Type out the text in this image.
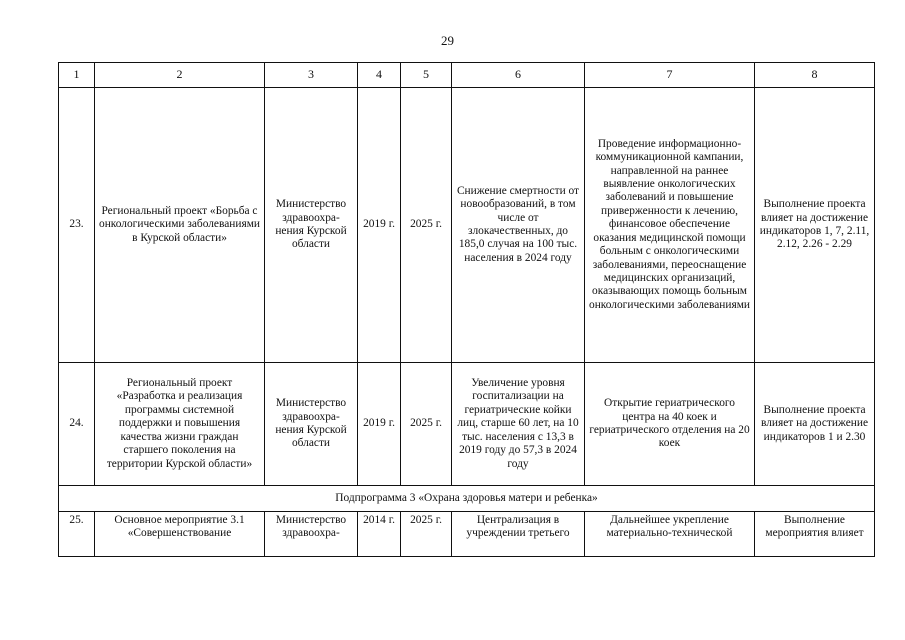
29
1	2	3	4	5	6	7	8
23.	Региональный проект «Борьба с онкологическими заболеваниями в Курской области»	Министерство здравоохра-нения Курской области	2019 г.	2025 г.	Снижение смертности от новообразований, в том числе от злокачественных, до 185,0 случая на 100 тыс. населения в 2024 году	Проведение информационно-коммуникационной кампании, направленной на раннее выявление онкологических заболеваний и повышение приверженности к лечению, финансовое обеспечение оказания медицинской помощи больным с онкологическими заболеваниями, переоснащение медицинских организаций, оказывающих помощь больным онкологическими заболеваниями	Выполнение проекта влияет на достижение индикаторов 1, 7, 2.11, 2.12, 2.26 - 2.29
24.	Региональный проект «Разработка и реализация программы системной поддержки и повышения качества жизни граждан старшего поколения на территории Курской области»	Министерство здравоохра-нения Курской области	2019 г.	2025 г.	Увеличение уровня госпитализации на гериатрические койки лиц, старше 60 лет, на 10 тыс. населения с 13,3 в 2019 году до 57,3 в 2024 году	Открытие гериатрического центра на 40 коек и гериатрического отделения на 20 коек	Выполнение проекта влияет на достижение индикаторов 1 и 2.30
Подпрограмма 3 «Охрана здоровья матери и ребенка»							
25.	Основное мероприятие 3.1 «Совершенствование	Министерство здравоохра-	2014 г.	2025 г.	Централизация в учреждении третьего	Дальнейшее укрепление материально-технической	Выполнение мероприятия влияет
